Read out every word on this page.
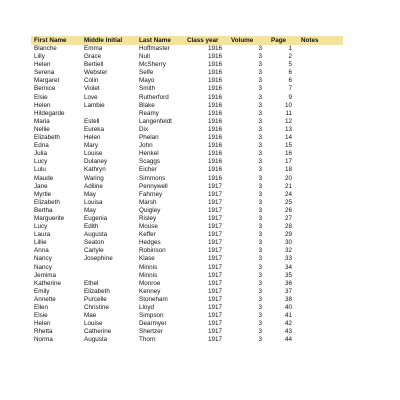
First Name	Middle Initial	Last Name	Class year	Volume	Page	Notes
Blanche	Emma	Hoffmaster	1916	3	1	
Lilly	Grace	Null	1916	3	2	
Helen	Bertiell	McSherry	1916	3	5	
Serena	Webster	Selfe	1916	3	6	
Margaret	Colin	Mayo	1916	3	6	
Bernice	Violet	Smith	1916	3	7	
Elsie	Love	Rutherford	1916	3	9	
Helen	Lambie	Blake	1916	3	10	
Hildegarde		Reamy	1916	3	11	
Maria	Estell	Langenfeldt	1916	3	12	
Nellie	Eureka	Dix	1916	3	13	
Elizabeth	Helen	Phelan	1916	3	14	
Edna	Mary	John	1916	3	15	
Julia	Louise	Henkel	1916	3	16	
Lucy	Dulaney	Scaggs	1916	3	17	
Lulu	Kathryn	Eicher	1916	3	18	
Maude	Waring	Simmons	1916	3	20	
Jane	Adiline	Pennywell	1917	3	21	
Myrtle	May	Fahrney	1917	3	24	
Elizabeth	Louisa	Marsh	1917	3	25	
Bertha	May	Quigley	1917	3	26	
Marguerite	Eugenia	Risley	1917	3	27	
Lucy	Edith	Mouse	1917	3	28	
Laura	Augusta	Keffer	1917	3	29	
Lillie	Seaton	Hedges	1917	3	30	
Anna	Carlyle	Robinson	1917	3	32	
Nancy	Josephine	Klase	1917	3	33	
Nancy		Minnis	1917	3	34	
Jemima		Minnis	1917	3	35	
Katherine	Ethel	Monroe	1917	3	36	
Emily	Elizabeth	Kenney	1917	3	37	
Annette	Purcelle	Stoneham	1917	3	38	
Ellen	Christine	Lloyd	1917	3	40	
Elsie	Mae	Simpson	1917	3	41	
Helen	Louise	Dearmyer	1917	3	42	
Rhetta	Catherine	Shertzer	1917	3	43	
Norma	Augusta	Thorn	1917	3	44	
